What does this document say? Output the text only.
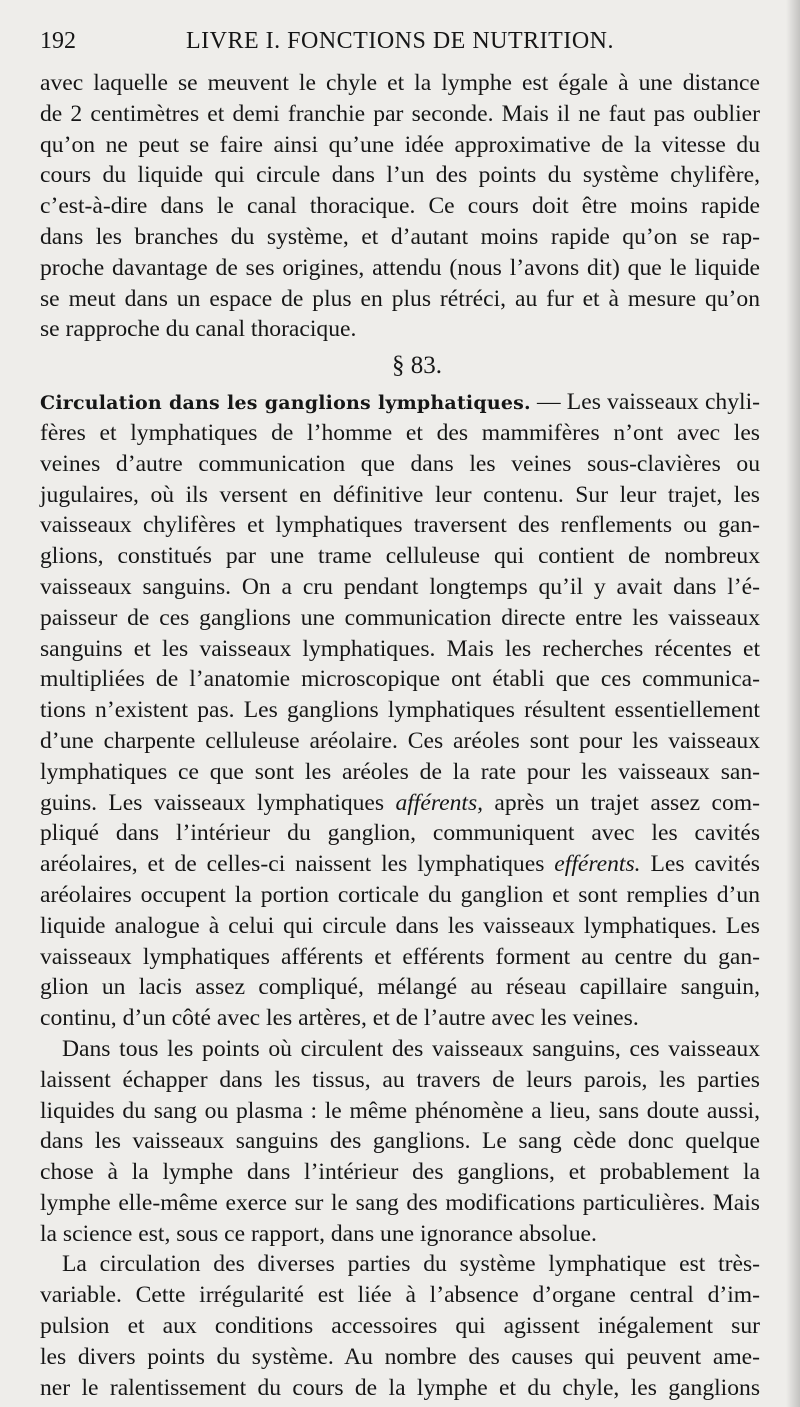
192	LIVRE I. FONCTIONS DE NUTRITION.
avec laquelle se meuvent le chyle et la lymphe est égale à une distance
de 2 centimètres et demi franchie par seconde. Mais il ne faut pas oublier
qu’on ne peut se faire ainsi qu’une idée approximative de la vitesse du
cours du liquide qui circule dans l’un des points du système chylifère,
c’est-à-dire dans le canal thoracique. Ce cours doit être moins rapide
dans les branches du système, et d’autant moins rapide qu’on se rap-
proche davantage de ses origines, attendu (nous l’avons dit) que le liquide
se meut dans un espace de plus en plus rétréci, au fur et à mesure qu’on
se rapproche du canal thoracique.
§ 83.
Circulation dans les ganglions lymphatiques. — Les vaisseaux chyli-
fères et lymphatiques de l’homme et des mammifères n’ont avec les
veines d’autre communication que dans les veines sous-clavières ou
jugulaires, où ils versent en définitive leur contenu. Sur leur trajet, les
vaisseaux chylifères et lymphatiques traversent des renflements ou gan-
glions, constitués par une trame celluleuse qui contient de nombreux
vaisseaux sanguins. On a cru pendant longtemps qu’il y avait dans l’é-
paisseur de ces ganglions une communication directe entre les vaisseaux
sanguins et les vaisseaux lymphatiques. Mais les recherches récentes et
multipliées de l’anatomie microscopique ont établi que ces communica-
tions n’existent pas. Les ganglions lymphatiques résultent essentiellement
d’une charpente celluleuse aréolaire. Ces aréoles sont pour les vaisseaux
lymphatiques ce que sont les aréoles de la rate pour les vaisseaux san-
guins. Les vaisseaux lymphatiques afférents, après un trajet assez com-
pliqué dans l’intérieur du ganglion, communiquent avec les cavités
aréolaires, et de celles-ci naissent les lymphatiques efférents. Les cavités
aréolaires occupent la portion corticale du ganglion et sont remplies d’un
liquide analogue à celui qui circule dans les vaisseaux lymphatiques. Les
vaisseaux lymphatiques afférents et efférents forment au centre du gan-
glion un lacis assez compliqué, mélangé au réseau capillaire sanguin,
continu, d’un côté avec les artères, et de l’autre avec les veines.
Dans tous les points où circulent des vaisseaux sanguins, ces vaisseaux
laissent échapper dans les tissus, au travers de leurs parois, les parties
liquides du sang ou plasma : le même phénomène a lieu, sans doute aussi,
dans les vaisseaux sanguins des ganglions. Le sang cède donc quelque
chose à la lymphe dans l’intérieur des ganglions, et probablement la
lymphe elle-même exerce sur le sang des modifications particulières. Mais
la science est, sous ce rapport, dans une ignorance absolue.
La circulation des diverses parties du système lymphatique est très-
variable. Cette irrégularité est liée à l’absence d’organe central d’im-
pulsion et aux conditions accessoires qui agissent inégalement sur
les divers points du système. Au nombre des causes qui peuvent ame-
ner le ralentissement du cours de la lymphe et du chyle, les ganglions
